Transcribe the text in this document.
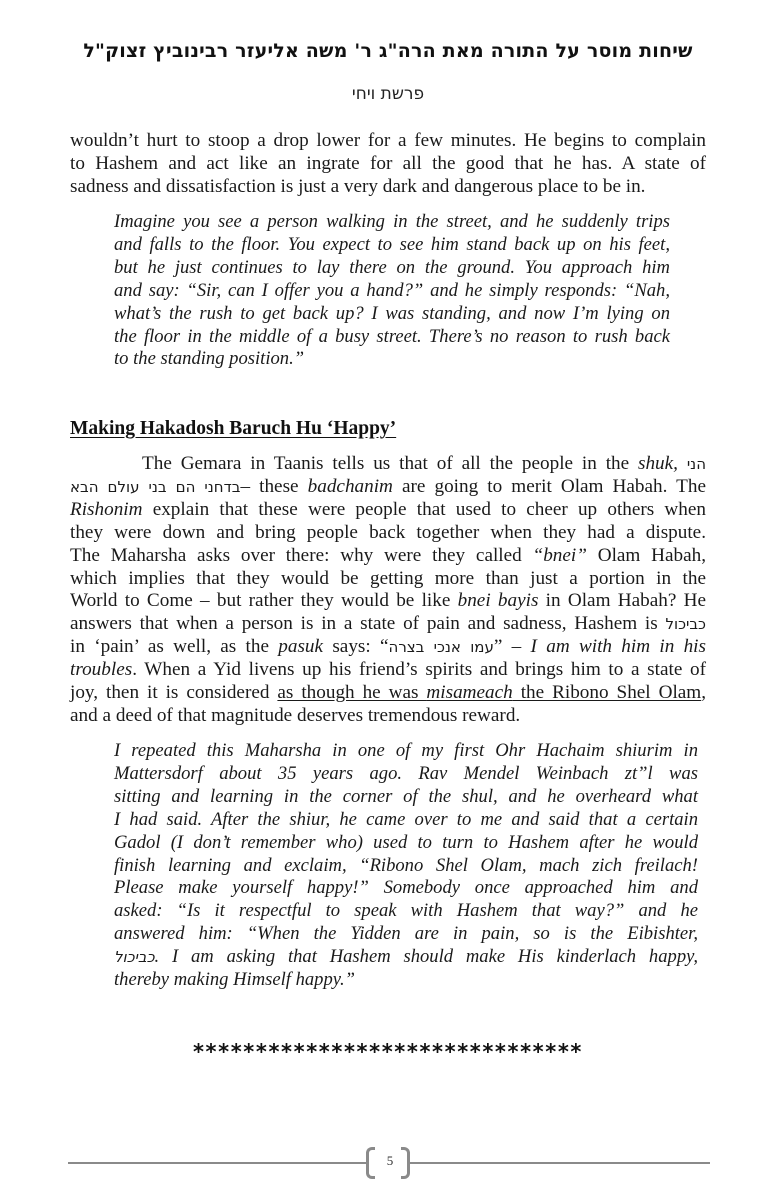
שיחות מוסר על התורה מאת הרה"ג ר' משה אליעזר רבינוביץ זצוק"ל
פרשת ויחי
wouldn’t hurt to stoop a drop lower for a few minutes. He begins to complain
to Hashem and act like an ingrate for all the good that he has. A state of
sadness and dissatisfaction is just a very dark and dangerous place to be in.
Imagine you see a person walking in the street, and he suddenly trips
and falls to the floor. You expect to see him stand back up on his feet,
but he just continues to lay there on the ground. You approach him
and say: “Sir, can I offer you a hand?” and he simply responds: “Nah,
what’s the rush to get back up? I was standing, and now I’m lying on
the floor in the middle of a busy street. There’s no reason to rush back
to the standing position.”
Making Hakadosh Baruch Hu ‘Happy’
The Gemara in Taanis tells us that of all the people in the shuk, הני
בדחני הם בני עולם הבא– these badchanim are going to merit Olam Habah. The
Rishonim explain that these were people that used to cheer up others when
they were down and bring people back together when they had a dispute.
The Maharsha asks over there: why were they called “bnei” Olam Habah,
which implies that they would be getting more than just a portion in the
World to Come – but rather they would be like bnei bayis in Olam Habah? He
answers that when a person is in a state of pain and sadness, Hashem is כביכול
in ‘pain’ as well, as the pasuk says: “עמו אנכי בצרה” – I am with him in his
troubles. When a Yid livens up his friend’s spirits and brings him to a state of
joy, then it is considered as though he was misameach the Ribono Shel Olam,
and a deed of that magnitude deserves tremendous reward.
I repeated this Maharsha in one of my first Ohr Hachaim shiurim in
Mattersdorf about 35 years ago. Rav Mendel Weinbach zt”l was
sitting and learning in the corner of the shul, and he overheard what
I had said. After the shiur, he came over to me and said that a certain
Gadol (I don’t remember who) used to turn to Hashem after he would
finish learning and exclaim, “Ribono Shel Olam, mach zich freilach!
Please make yourself happy!” Somebody once approached him and
asked: “Is it respectful to speak with Hashem that way?” and he
answered him: “When the Yidden are in pain, so is the Eibishter,
כביכול. I am asking that Hashem should make His kinderlach happy,
thereby making Himself happy.”
*******************************
5
